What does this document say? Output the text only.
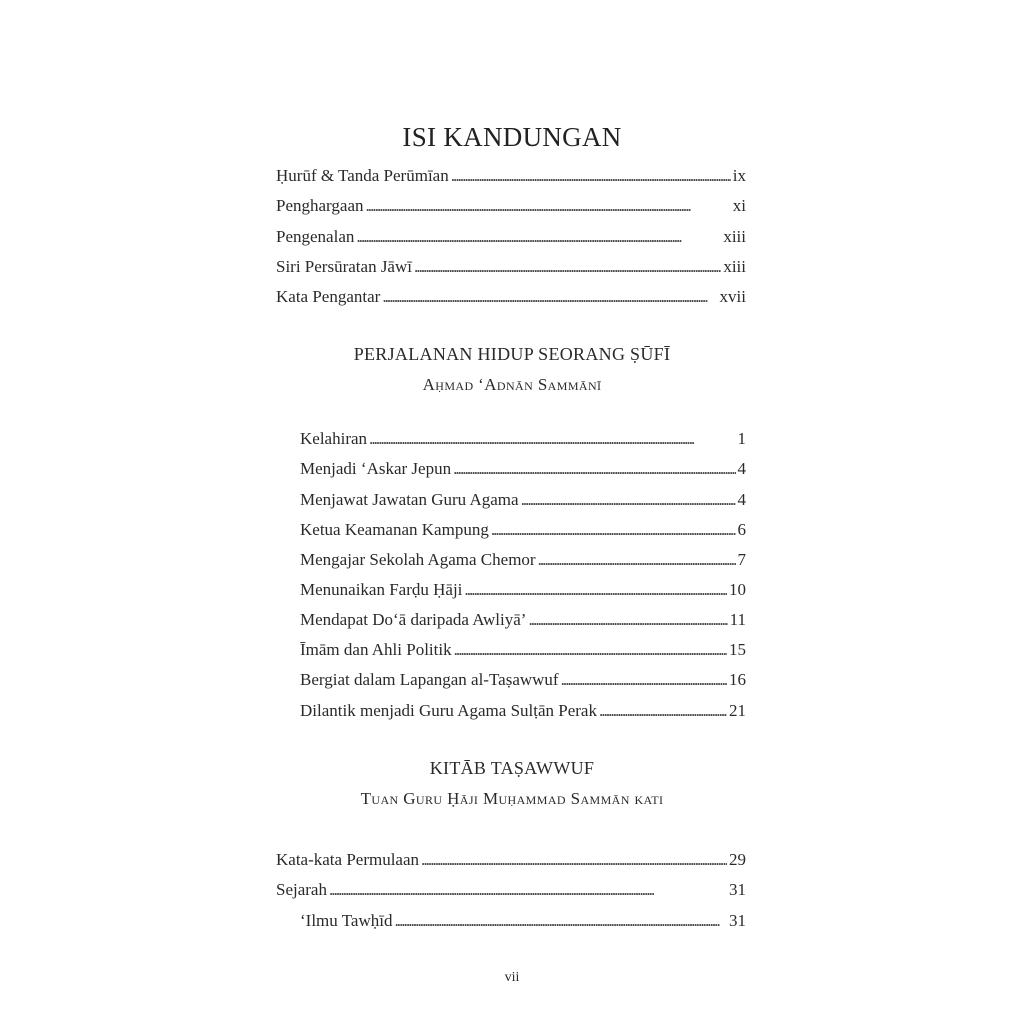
ISI KANDUNGAN
Ḥurūf & Tanda Perūmīan . . .	ix
Penghargaan . . .	xi
Pengenalan . . .	xiii
Siri Persūratan Jāwī . . .	xiii
Kata Pengantar . . .	xvii
PERJALANAN HIDUP SEORANG ṢŪFĪ
Aḥmad ‘Adnān Sammānī
Kelahiran . . .	1
Menjadi ‘Askar Jepun . . .	4
Menjawat Jawatan Guru Agama . . .	4
Ketua Keamanan Kampung . . .	6
Mengajar Sekolah Agama Chemor . . .	7
Menunaikan Farḍu Ḥāji . . .	10
Mendapat Do‘ā daripada Awliyā’ . . .	11
Īmām dan Ahli Politik . . .	15
Bergiat dalam Lapangan al-Taṣawwuf . . .	16
Dilantik menjadi Guru Agama Sulṭān Perak . . .	21
KITĀB TAṢAWWUF
Tuan Guru Ḥāji Muḥammad Sammān kati
Kata-kata Permulaan . . .	29
Sejarah . . .	31
‘Ilmu Tawḥīd . . .	31
vii
